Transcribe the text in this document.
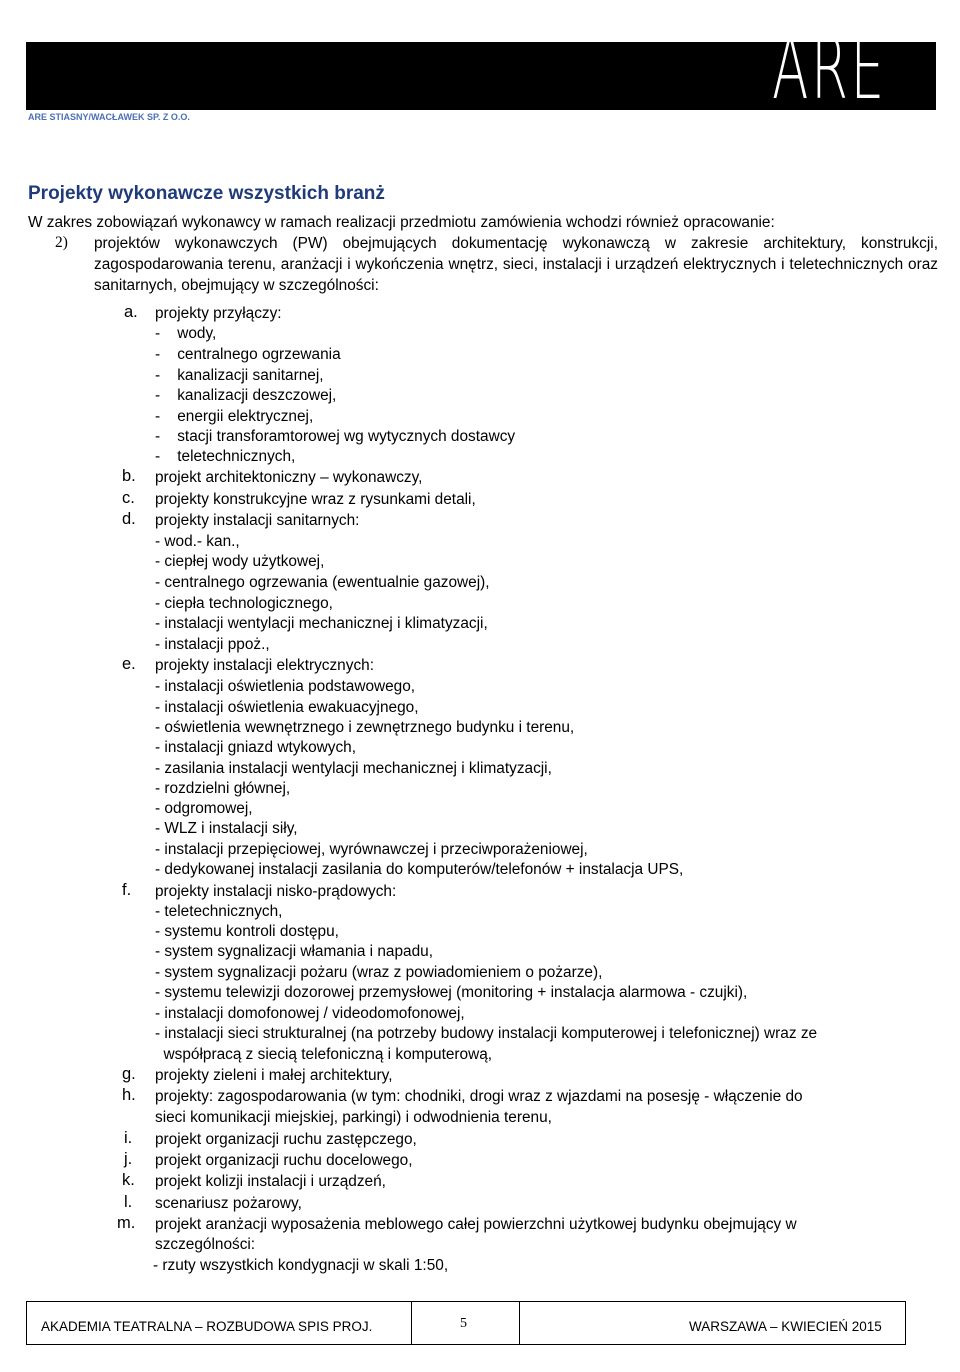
ARÉ
ARE STIASNY/WACŁAWEK SP. Z O.O.
Projekty wykonawcze wszystkich branż
W zakres zobowiązań wykonawcy w ramach realizacji przedmiotu zamówienia wchodzi również opracowanie:
2) projektów wykonawczych (PW) obejmujących dokumentację wykonawczą w zakresie architektury, konstrukcji, zagospodarowania terenu, aranżacji i wykończenia wnętrz, sieci, instalacji i urządzeń elektrycznych i teletechnicznych oraz sanitarnych, obejmujący w szczególności:
a. projekty przyłączy:
-    wody,
-    centralnego ogrzewania
-    kanalizacji sanitarnej,
-    kanalizacji deszczowej,
-    energii elektrycznej,
-    stacji transforamtorowej wg wytycznych dostawcy
-    teletechnicznych,
b. projekt architektoniczny – wykonawczy,
c. projekty konstrukcyjne wraz z rysunkami detali,
d. projekty instalacji sanitarnych:
- wod.- kan.,
- ciepłej wody użytkowej,
- centralnego ogrzewania (ewentualnie gazowej),
- ciepła technologicznego,
- instalacji wentylacji mechanicznej i klimatyzacji,
- instalacji ppoż.,
e. projekty instalacji elektrycznych:
- instalacji oświetlenia podstawowego,
- instalacji oświetlenia ewakuacyjnego,
- oświetlenia wewnętrznego i zewnętrznego budynku i terenu,
- instalacji gniazd wtykowych,
- zasilania instalacji wentylacji mechanicznej i klimatyzacji,
- rozdzielni głównej,
- odgromowej,
- WLZ i instalacji siły,
- instalacji przepięciowej, wyrównawczej i przeciwporażeniowej,
- dedykowanej instalacji zasilania do komputerów/telefonów + instalacja UPS,
f. projekty instalacji nisko-prądowych:
- teletechnicznych,
- systemu kontroli dostępu,
- system sygnalizacji włamania i napadu,
- system sygnalizacji pożaru (wraz z powiadomieniem o pożarze),
- systemu telewizji dozorowej przemysłowej (monitoring + instalacja alarmowa - czujki),
- instalacji domofonowej / videodomofonowej,
- instalacji sieci strukturalnej (na potrzeby budowy instalacji komputerowej i telefonicznej) wraz ze
współpracą z siecią telefoniczną i komputerową,
g. projekty zieleni i małej architektury,
h. projekty: zagospodarowania (w tym: chodniki, drogi wraz z wjazdami na posesję - włączenie do
sieci komunikacji miejskiej, parkingi) i odwodnienia terenu,
i. projekt organizacji ruchu zastępczego,
j. projekt organizacji ruchu docelowego,
k. projekt kolizji instalacji i urządzeń,
l. scenariusz pożarowy,
m. projekt aranżacji wyposażenia meblowego całej powierzchni użytkowej budynku obejmujący w
szczególności:
- rzuty wszystkich kondygnacji w skali 1:50,
AKADEMIA TEATRALNA – ROZBUDOWA SPIS PROJ.	5	WARSZAWA – KWIECIEŃ 2015
